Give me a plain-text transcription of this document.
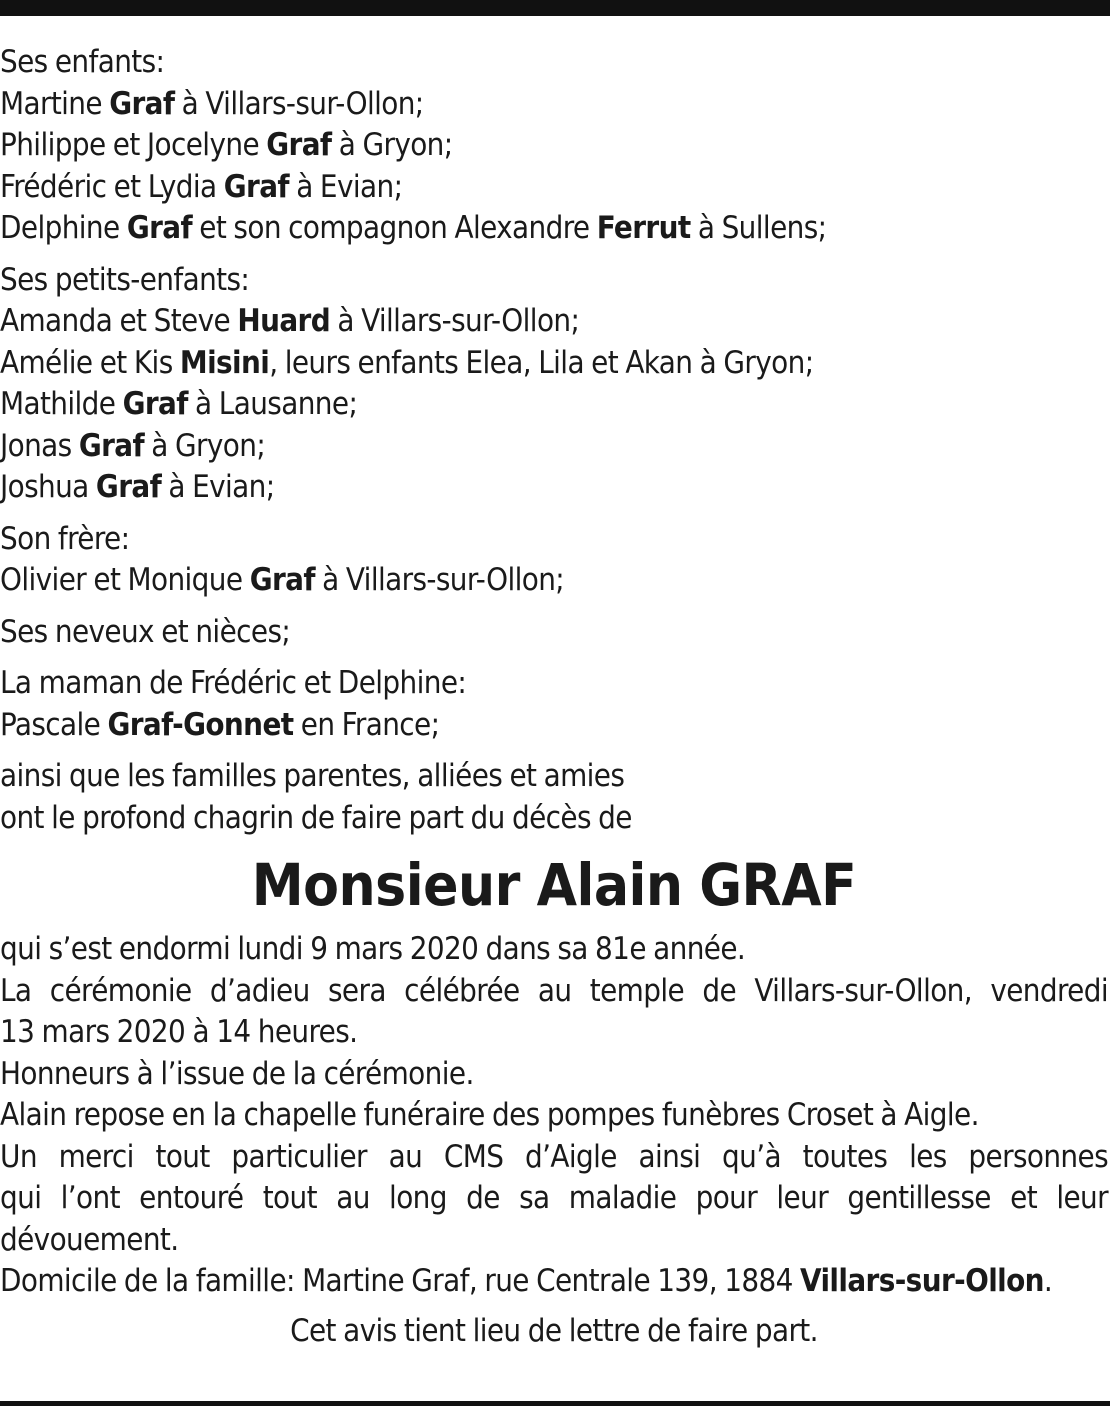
Ses enfants:
Martine Graf à Villars-sur-Ollon;
Philippe et Jocelyne Graf à Gryon;
Frédéric et Lydia Graf à Evian;
Delphine Graf et son compagnon Alexandre Ferrut à Sullens;
Ses petits-enfants:
Amanda et Steve Huard à Villars-sur-Ollon;
Amélie et Kis Misini, leurs enfants Elea, Lila et Akan à Gryon;
Mathilde Graf à Lausanne;
Jonas Graf à Gryon;
Joshua Graf à Evian;
Son frère:
Olivier et Monique Graf à Villars-sur-Ollon;
Ses neveux et nièces;
La maman de Frédéric et Delphine:
Pascale Graf-Gonnet en France;
ainsi que les familles parentes, alliées et amies
ont le profond chagrin de faire part du décès de
Monsieur Alain GRAF
qui s’est endormi lundi 9 mars 2020 dans sa 81e année.
La cérémonie d’adieu sera célébrée au temple de Villars-sur-Ollon, vendredi
13 mars 2020 à 14 heures.
Honneurs à l’issue de la cérémonie.
Alain repose en la chapelle funéraire des pompes funèbres Croset à Aigle.
Un merci tout particulier au CMS d’Aigle ainsi qu’à toutes les personnes
qui l’ont entouré tout au long de sa maladie pour leur gentillesse et leur
dévouement.
Domicile de la famille: Martine Graf, rue Centrale 139, 1884 Villars-sur-Ollon.
Cet avis tient lieu de lettre de faire part.
